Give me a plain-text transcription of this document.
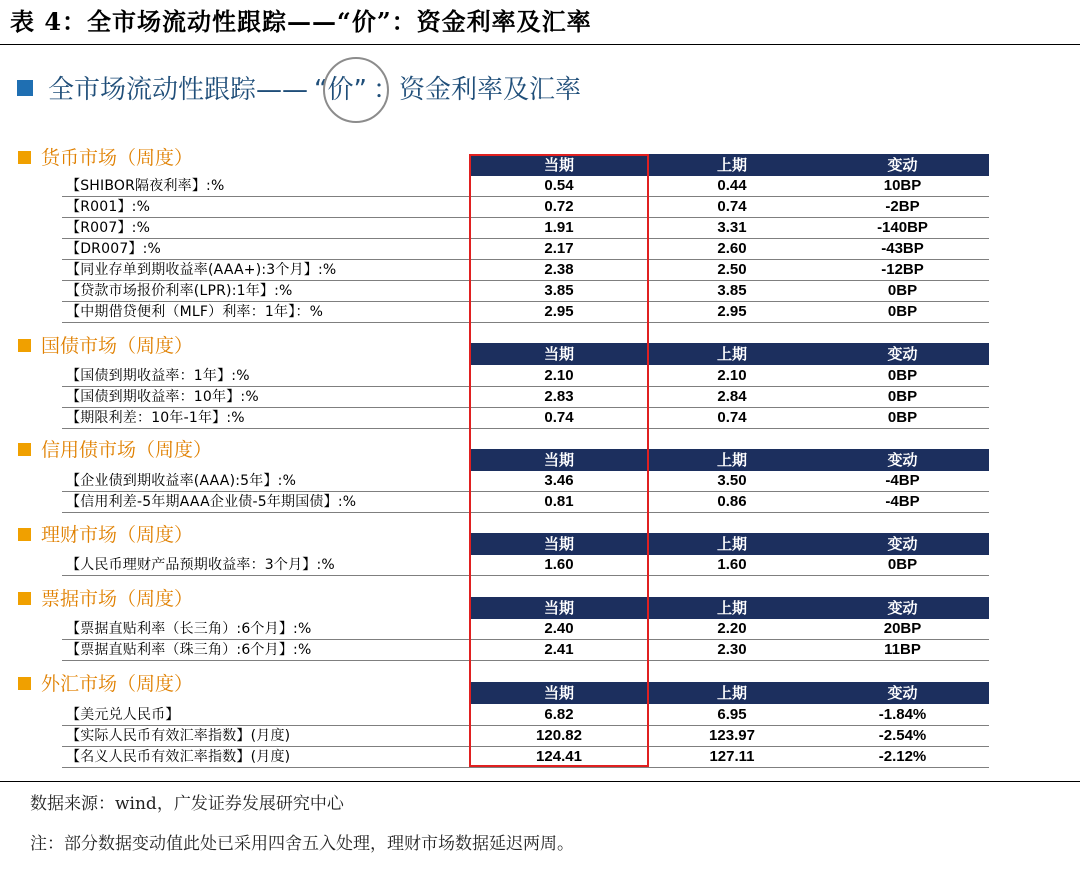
表 4：全市场流动性跟踪——“价”：资金利率及汇率
全市场流动性跟踪—— “价” ：资金利率及汇率
货币市场（周度）	当期	上期	变动
【SHIBOR隔夜利率】:%	0.54	0.44	10BP
【R001】:%	0.72	0.74	-2BP
【R007】:%	1.91	3.31	-140BP
【DR007】:%	2.17	2.60	-43BP
【同业存单到期收益率(AAA+):3个月】:%	2.38	2.50	-12BP
【贷款市场报价利率(LPR):1年】:%	3.85	3.85	0BP
【中期借贷便利（MLF）利率：1年】：%	2.95	2.95	0BP
国债市场（周度）	当期	上期	变动
【国债到期收益率：1年】:%	2.10	2.10	0BP
【国债到期收益率：10年】:%	2.83	2.84	0BP
【期限利差：10年-1年】:%	0.74	0.74	0BP
信用债市场（周度）	当期	上期	变动
【企业债到期收益率(AAA):5年】:%	3.46	3.50	-4BP
【信用利差-5年期AAA企业债-5年期国债】:%	0.81	0.86	-4BP
理财市场（周度）	当期	上期	变动
【人民币理财产品预期收益率：3个月】:%	1.60	1.60	0BP
票据市场（周度）	当期	上期	变动
【票据直贴利率（长三角）:6个月】:%	2.40	2.20	20BP
【票据直贴利率（珠三角）:6个月】:%	2.41	2.30	11BP
外汇市场（周度）	当期	上期	变动
【美元兑人民币】	6.82	6.95	-1.84%
【实际人民币有效汇率指数】(月度)	120.82	123.97	-2.54%
【名义人民币有效汇率指数】(月度)	124.41	127.11	-2.12%
数据来源：wind，广发证券发展研究中心
注：部分数据变动值此处已采用四舍五入处理，理财市场数据延迟两周。
